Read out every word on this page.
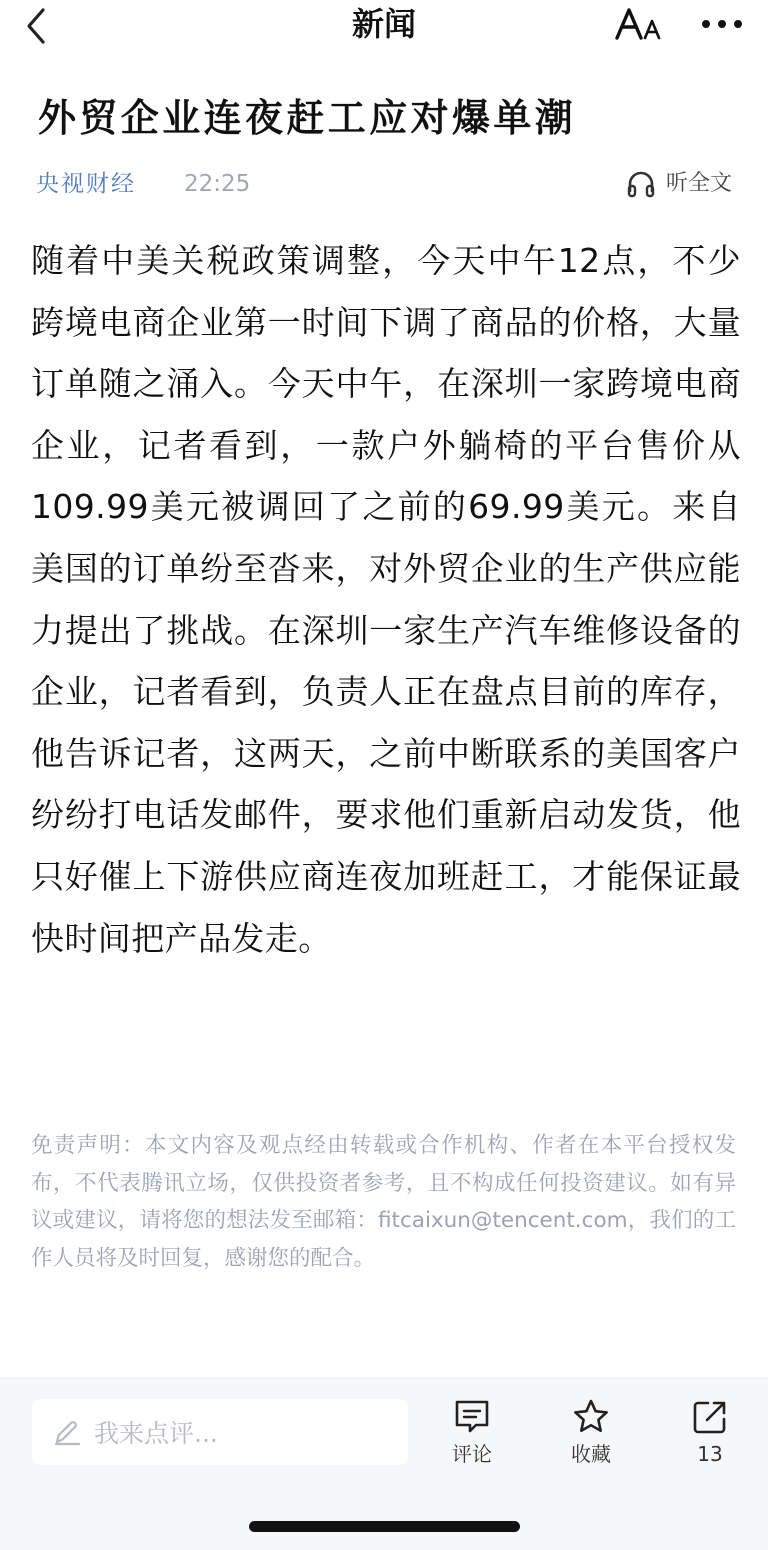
新闻
外贸企业连夜赶工应对爆单潮
央视财经 22:25	听全文
随着中美关税政策调整，今天中午12点，不少跨境电商企业第一时间下调了商品的价格，大量订单随之涌入。今天中午，在深圳一家跨境电商企业，记者看到，一款户外躺椅的平台售价从109.99美元被调回了之前的69.99美元。来自美国的订单纷至沓来，对外贸企业的生产供应能力提出了挑战。在深圳一家生产汽车维修设备的企业，记者看到，负责人正在盘点目前的库存，他告诉记者，这两天，之前中断联系的美国客户纷纷打电话发邮件，要求他们重新启动发货，他只好催上下游供应商连夜加班赶工，才能保证最快时间把产品发走。
免责声明：本文内容及观点经由转载或合作机构、作者在本平台授权发布，不代表腾讯立场，仅供投资者参考，且不构成任何投资建议。如有异议或建议，请将您的想法发至邮箱：fitcaixun@tencent.com，我们的工作人员将及时回复，感谢您的配合。
我来点评...
评论	收藏	13
